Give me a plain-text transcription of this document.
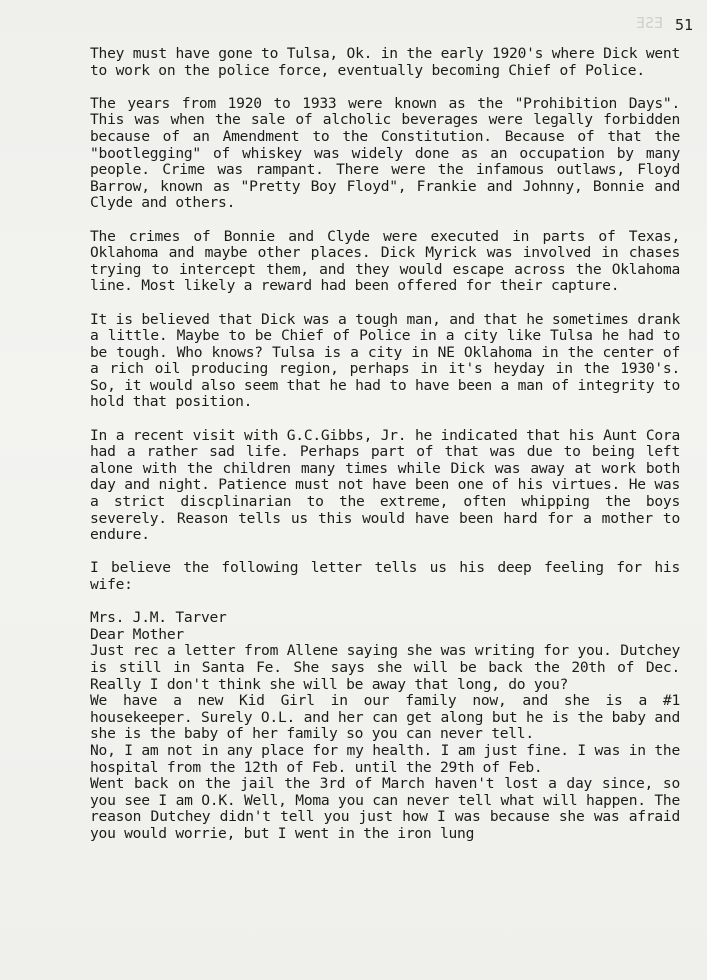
ESE 51

They must have gone to Tulsa, Ok. in the early 1920's where Dick went to work on the police force, eventually becoming Chief of Police.

The years from 1920 to 1933 were known as the "Prohibition Days". This was when the sale of alcholic beverages were legally forbidden because of an Amendment to the Constitution. Because of that the "bootlegging" of whiskey was widely done as an occupation by many people. Crime was rampant. There were the infamous outlaws, Floyd Barrow, known as "Pretty Boy Floyd", Frankie and Johnny, Bonnie and Clyde and others.

The crimes of Bonnie and Clyde were executed in parts of Texas, Oklahoma and maybe other places. Dick Myrick was involved in chases trying to intercept them, and they would escape across the Oklahoma line. Most likely a reward had been offered for their capture.

It is believed that Dick was a tough man, and that he sometimes drank a little. Maybe to be Chief of Police in a city like Tulsa he had to be tough. Who knows? Tulsa is a city in NE Oklahoma in the center of a rich oil producing region, perhaps in it's heyday in the 1930's. So, it would also seem that he had to have been a man of integrity to hold that position.

In a recent visit with G.C.Gibbs, Jr. he indicated that his Aunt Cora had a rather sad life. Perhaps part of that was due to being left alone with the children many times while Dick was away at work both day and night. Patience must not have been one of his virtues. He was a strict discplinarian to the extreme, often whipping the boys severely. Reason tells us this would have been hard for a mother to endure.

I believe the following letter tells us his deep feeling for his wife:

Mrs. J.M. Tarver
Dear Mother

Just rec a letter from Allene saying she was writing for you. Dutchey is still in Santa Fe. She says she will be back the 20th of Dec. Really I don't think she will be away that long, do you?

We have a new Kid Girl in our family now, and she is a #1 housekeeper. Surely O.L. and her can get along but he is the baby and she is the baby of her family so you can never tell.

No, I am not in any place for my health. I am just fine. I was in the hospital from the 12th of Feb. until the 29th of Feb.

Went back on the jail the 3rd of March haven't lost a day since, so you see I am O.K. Well, Moma you can never tell what will happen. The reason Dutchey didn't tell you just how I was because she was afraid you would worrie, but I went in the iron lung
